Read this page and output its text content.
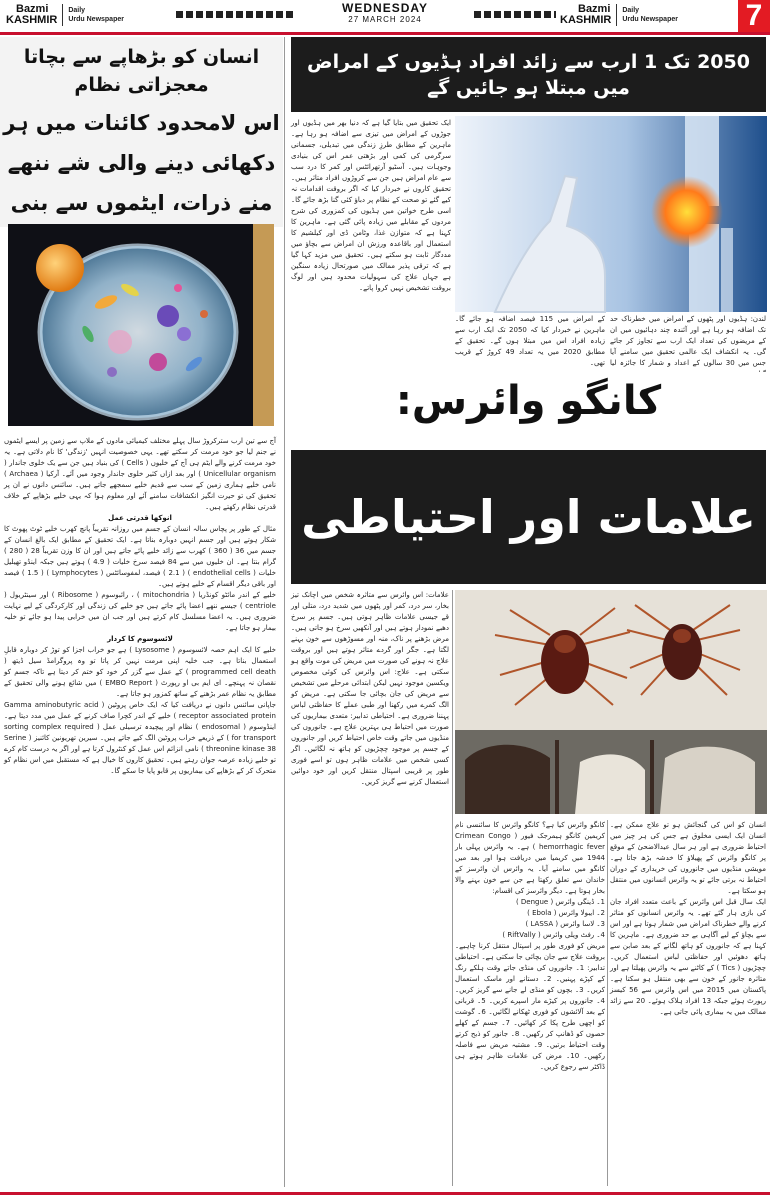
Bazmi
KASHMIR
Daily
Urdu Newspaper
WEDNESDAY
27 MARCH 2024
Bazmi
KASHMIR
Daily
Urdu Newspaper 7
انسان کو بڑھاپے سے بچاتا معجزاتی نظام
اس لامحدود کائنات میں ہر
دکھائی دینے والی شے ننھے
منے ذرات، ایٹموں سے بنی
آج سے تین ارب سترکروڑ سال پہلے مختلف کیمیائی مادوں کے ملاپ سے زمین پر ایسے ایٹموں نے جنم لیا جو خود مرمت کر سکتے تھے۔ یہی خصوصیت انہیں 'زندگی' کا نام دلاتی ہے۔ یہ خود مرمت کرنے والے ایٹم ہی آج کے خلیوں ( Cells ) کی بنیاد ہیں جن سے یک خلوی جاندار ( Unicellular organism ) اور بعد ازاں کثیر خلوی جاندار وجود میں آئے۔ آرکیا ( Archaea ) نامی خلیے ہماری زمین کے سب سے قدیم خلیے سمجھے جاتے ہیں۔ سائنس دانوں نے ان پر تحقیق کی تو حیرت انگیز انکشافات سامنے آئے اور معلوم ہوا کہ یہی خلیے بڑھاپے کے خلاف قدرتی نظام رکھتے ہیں۔
انوکھا قدرتی عمل
مثال کے طور پر پچاس سالہ انسان کے جسم میں روزانہ تقریباً پانچ کھرب خلیے ٹوٹ پھوٹ کا شکار ہوتے ہیں اور جسم انہیں دوبارہ بناتا ہے۔ ایک تحقیق کے مطابق ایک بالغ انسان کے جسم میں 36 ( 360 ) کھرب سے زائد خلیے پائے جاتے ہیں اور ان کا وزن تقریباً 28 ( 280 ) گرام بنتا ہے۔ ان خلیوں میں سے 84 فیصد سرخ خلیات ( 4.9 ) ہوتے ہیں جبکہ اینڈو تھیلیل خلیات ( endothelial cells ) ( 2.1 ) فیصد، لمفوسائٹس ( Lymphocytes ) ( 1.5 ) فیصد اور باقی دیگر اقسام کے خلیے ہوتے ہیں۔
خلیے کے اندر مائٹو کونڈریا ( mitochondria ) ، رائبوسوم ( Ribosome ) اور سینٹریول ( centriole ) جیسے ننھے اعضا پائے جاتے ہیں جو خلیے کی زندگی اور کارکردگی کے لیے نہایت ضروری ہیں۔ یہ اعضا مسلسل کام کرتے ہیں اور جب ان میں خرابی پیدا ہو جائے تو خلیہ بیمار ہو جاتا ہے۔
لائسوسوم کا کردار
خلیے کا ایک اہم حصہ لائسوسوم ( Lysosome ) ہے جو خراب اجزا کو توڑ کر دوبارہ قابلِ استعمال بناتا ہے۔ جب خلیہ اپنی مرمت نہیں کر پاتا تو وہ پروگرامڈ سیل ڈیتھ ( programmed cell death ) کے عمل سے گزر کر خود کو ختم کر دیتا ہے تاکہ جسم کو نقصان نہ پہنچے۔ ای ایم بی او رپورٹ ( EMBO Report ) میں شائع ہونے والی تحقیق کے مطابق یہ نظام عمر بڑھنے کے ساتھ کمزور ہو جاتا ہے۔
جاپانی سائنس دانوں نے دریافت کیا کہ ایک خاص پروٹین ( Gamma aminobutyric acid receptor associated protein ) خلیے کے اندر کچرا صاف کرنے کے عمل میں مدد دیتا ہے۔ اینڈوسوم ( endosomal ) نظام اور پیچیدہ ترسیلی عمل ( sorting complex required for transport ) کے ذریعے خراب پروٹین الگ کیے جاتے ہیں۔ سیرین تھریونین کائنیز ( Serine threonine kinase 38 ) نامی انزائم اس عمل کو کنٹرول کرتا ہے اور اگر یہ درست کام کرے تو خلیے زیادہ عرصہ جوان رہتے ہیں۔ تحقیق کاروں کا خیال ہے کہ مستقبل میں اس نظام کو متحرک کر کے بڑھاپے کی بیماریوں پر قابو پایا جا سکے گا۔
2050 تک 1 ارب سے زائد افراد ہڈیوں کے امراض میں مبتلا ہو جائیں گے
ایک تحقیق میں بتایا گیا ہے کہ دنیا بھر میں ہڈیوں اور جوڑوں کے امراض میں تیزی سے اضافہ ہو رہا ہے۔ ماہرین کے مطابق طرزِ زندگی میں تبدیلی، جسمانی سرگرمی کی کمی اور بڑھتی عمر اس کی بنیادی وجوہات ہیں۔ آسٹیو آرتھرائٹس اور کمر کا درد سب سے عام امراض ہیں جن سے کروڑوں افراد متاثر ہیں۔ تحقیق کاروں نے خبردار کیا کہ اگر بروقت اقدامات نہ کیے گئے تو صحت کے نظام پر دباؤ کئی گنا بڑھ جائے گا۔ اسی طرح خواتین میں ہڈیوں کی کمزوری کی شرح مردوں کے مقابلے میں زیادہ پائی گئی ہے۔ ماہرین کا کہنا ہے کہ متوازن غذا، وٹامن ڈی اور کیلشیم کا استعمال اور باقاعدہ ورزش ان امراض سے بچاؤ میں مددگار ثابت ہو سکتے ہیں۔ تحقیق میں مزید کہا گیا ہے کہ ترقی پذیر ممالک میں صورتحال زیادہ سنگین ہے جہاں علاج کی سہولیات محدود ہیں اور لوگ بروقت تشخیص نہیں کروا پاتے۔
لندن: ہڈیوں اور پٹھوں کے امراض میں خطرناک حد تک اضافہ ہو رہا ہے اور آئندہ چند دہائیوں میں ان کے مریضوں کی تعداد ایک ارب سے تجاوز کر جائے گی۔ یہ انکشاف ایک عالمی تحقیق میں سامنے آیا جس میں 30 سالوں کے اعداد و شمار کا جائزہ لیا
کے امراض میں 115 فیصد اضافہ ہو جائے گا۔ ماہرین نے خبردار کیا کہ 2050 تک ایک ارب سے زیادہ افراد اس میں مبتلا ہوں گے۔ تحقیق کے مطابق 2020 میں یہ تعداد 49 کروڑ کے قریب تھی۔
کانگو وائرس:
علامات اور احتیاطی
علامات: اس وائرس سے متاثرہ شخص میں اچانک تیز بخار، سر درد، کمر اور پٹھوں میں شدید درد، متلی اور قے جیسی علامات ظاہر ہوتی ہیں۔ جسم پر سرخ دھبے نمودار ہوتے ہیں اور آنکھیں سرخ ہو جاتی ہیں۔ مرض بڑھنے پر ناک، منہ اور مسوڑھوں سے خون بہنے لگتا ہے۔ جگر اور گردے متاثر ہوتے ہیں اور بروقت علاج نہ ہونے کی صورت میں مریض کی موت واقع ہو سکتی ہے۔ علاج: اس وائرس کی کوئی مخصوص ویکسین موجود نہیں لیکن ابتدائی مرحلے میں تشخیص سے مریض کی جان بچائی جا سکتی ہے۔ مریض کو الگ کمرے میں رکھنا اور طبی عملے کا حفاظتی لباس پہننا ضروری ہے۔ احتیاطی تدابیر: متعدی بیماریوں کی صورت میں احتیاط ہی بہترین علاج ہے۔ جانوروں کی منڈیوں میں جاتے وقت خاص احتیاط کریں اور جانوروں کے جسم پر موجود چچڑیوں کو ہاتھ نہ لگائیں۔ اگر کسی شخص میں علامات ظاہر ہوں تو اسے فوری طور پر قریبی اسپتال منتقل کریں اور خود دوائیں استعمال کرنے سے گریز کریں۔
کانگو وائرس کیا ہے؟ کانگو وائرس کا سائنسی نام کریمین کانگو ہیمرجک فیور ( Crimean Congo hemorrhagic fever ) ہے۔ یہ وائرس پہلی بار 1944 میں کریمیا میں دریافت ہوا اور بعد میں کانگو میں سامنے آیا۔ یہ وائرس ان وائرسز کے خاندان سے تعلق رکھتا ہے جن سے خون بہنے والا بخار ہوتا ہے۔ دیگر وائرسز کی اقسام:
1۔ ڈینگی وائرس ( Dengue )
2۔ ایبولا وائرس ( Ebola )
3۔ لاسا وائرس ( LASSA )
4۔ رفٹ ویلی وائرس ( RiftVally )
مریض کو فوری طور پر اسپتال منتقل کرنا چاہیے۔ بروقت علاج سے جان بچائی جا سکتی ہے۔ احتیاطی تدابیر: 1۔ جانوروں کی منڈی جاتے وقت ہلکے رنگ کے کپڑے پہنیں۔ 2۔ دستانے اور ماسک استعمال کریں۔ 3۔ بچوں کو منڈی لے جانے سے گریز کریں۔ 4۔ جانوروں پر کیڑے مار اسپرے کریں۔ 5۔ قربانی کے بعد آلائشوں کو فوری ٹھکانے لگائیں۔ 6۔ گوشت کو اچھی طرح پکا کر کھائیں۔ 7۔ جسم کے کھلے حصوں کو ڈھانپ کر رکھیں۔ 8۔ جانور کو ذبح کرتے وقت احتیاط برتیں۔ 9۔ مشتبہ مریض سے فاصلہ رکھیں۔ 10۔ مرض کی علامات ظاہر ہوتے ہی ڈاکٹر سے رجوع کریں۔
انسان کو اس کی گنجائش ہو تو علاج ممکن ہے۔ انسان ایک ایسی مخلوق ہے جس کی ہر چیز میں احتیاط ضروری ہے اور ہر سال عیدالاضحیٰ کے موقع پر کانگو وائرس کے پھیلاؤ کا خدشہ بڑھ جاتا ہے۔ مویشی منڈیوں میں جانوروں کی خریداری کے دوران احتیاط نہ برتی جائے تو یہ وائرس انسانوں میں منتقل ہو سکتا ہے۔
ایک سال قبل اس وائرس کے باعث متعدد افراد جان کی بازی ہار گئے تھے۔ یہ وائرس انسانوں کو متاثر کرنے والے خطرناک امراض میں شمار ہوتا ہے اور اس سے بچاؤ کے لیے آگاہی بے حد ضروری ہے۔ ماہرین کا کہنا ہے کہ جانوروں کو ہاتھ لگانے کے بعد صابن سے ہاتھ دھوئیں اور حفاظتی لباس استعمال کریں۔ چچڑیوں ( Tics ) کے کاٹنے سے یہ وائرس پھیلتا ہے اور متاثرہ جانور کے خون سے بھی منتقل ہو سکتا ہے۔ پاکستان میں 2015 میں اس وائرس سے 56 کیسز رپورٹ ہوئے جبکہ 13 افراد ہلاک ہوئے۔ 20 سے زائد ممالک میں یہ بیماری پائی جاتی ہے۔
